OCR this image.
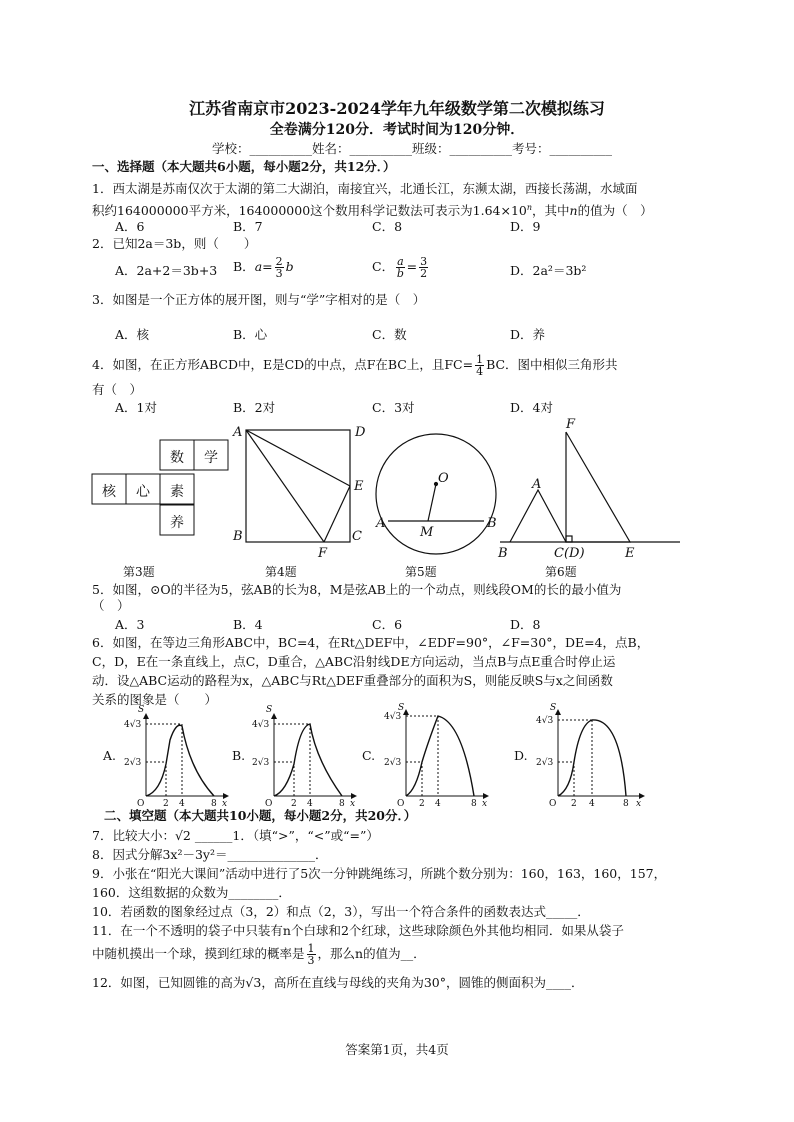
江苏省南京市2023-2024学年九年级数学第二次模拟练习
全卷满分120分．考试时间为120分钟．
学校：__________姓名：__________班级：__________考号：__________
一、选择题（本大题共6小题，每小题2分，共12分．）
1．西太湖是苏南仅次于太湖的第二大湖泊，南接宜兴，北通长江，东濒太湖，西接长荡湖，水域面
积约164000000平方米，164000000这个数用科学记数法可表示为$1.64\times 10^n$，其中n的值为（　）
A．6	B．7	C．8	D．9
2．已知2a＝3b，则（　　）
A．2a+2＝3b+3 B．$a= \frac{2}{3}$ b	C． $\frac{a}{b} = \frac{3}{2}$	D．2a²＝3b²
3．如图是一个正方体的展开图，则与“学”字相对的是（　）
A．核	B．心	C．数	D．养
4．如图，在正方形ABCD中，E是CD的中点，点F在BC上，且$FC= \frac{1}{4}$ BC．图中相似三角形共
有（　）
A．1对	B．2对	C．3对	D．4对
A	D
B	C
E
F
O
A	B
M
A
F
B	C(D)	E
数 学
核 心 素
养
第3题	第4题	第5题	第6题
5．如图，⊙O的半径为5，弦AB的长为8，M是弦AB上的一个动点，则线段OM的长的最小值为
（　）
A．3	B．4	C．6	D．8
6．如图，在等边三角形ABC中，BC=4，在Rt△DEF中，∠EDF=90°，∠F=30°，DE=4，点B，
C，D，E在一条直线上，点C，D重合，△ABC沿射线DE方向运动，当点B与点E重合时停止运
动．设△ABC运动的路程为x，△ABC与Rt△DEF重叠部分的面积为S，则能反映S与x之间函数
关系的图象是（　　）
A.	B.	C.	D.
S
4√3
2√3
O 2 4	8 x
S
4√3
2√3
O 2 4	8 x
S
4√3
2√3
O 2 4	8 x
S
4√3
2√3
O 2 4	8 x
二、填空题（本大题共10小题，每小题2分，共20分．）
7．比较大小：√2 ______1．（填“>”，“<”或“=”）
8．因式分解3x²－3y²＝______________．
9．小张在“阳光大课间”活动中进行了5次一分钟跳绳练习，所跳个数分别为：160，163，160，157，
160．这组数据的众数为________．
10．若函数的图象经过点（3，2）和点（2，3），写出一个符合条件的函数表达式_____．
11．在一个不透明的袋子中只装有n个白球和2个红球，这些球除颜色外其他均相同．如果从袋子
中随机摸出一个球，摸到红球的概率是 $\frac{1}{3}$ ，那么n的值为__．
12．如图，已知圆锥的高为√3，高所在直线与母线的夹角为30°，圆锥的侧面积为____．
答案第1页，共4页
